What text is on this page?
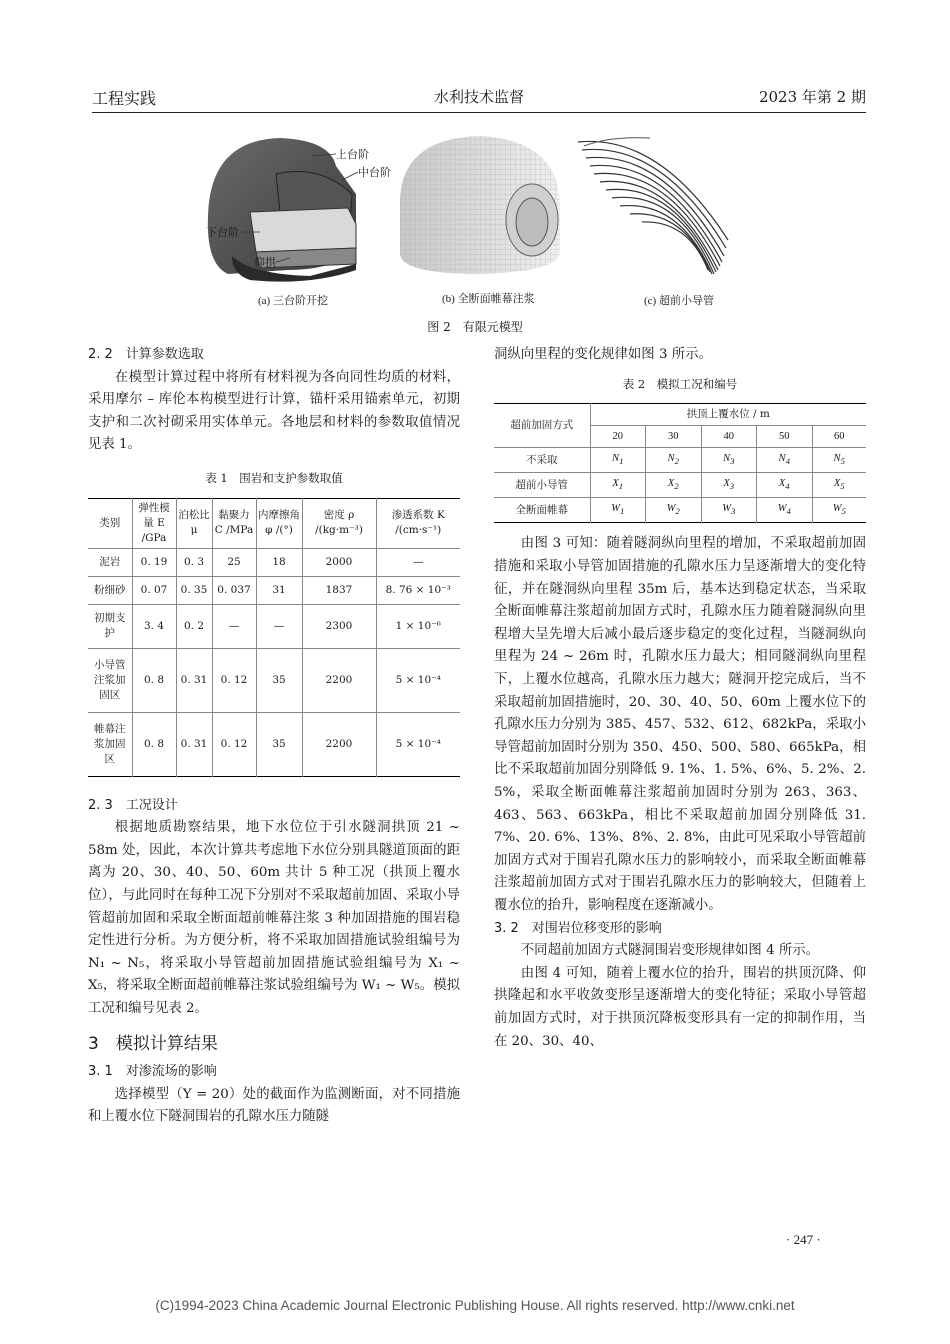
工程实践	水利技术监督	2023 年第 2 期
上台阶
中台阶
下台阶
仰拱
(a) 三台阶开挖	(b) 全断面帷幕注浆	(c) 超前小导管
图 2　有限元模型
2. 2　计算参数选取
在模型计算过程中将所有材料视为各向同性均质的材料，采用摩尔 – 库伦本构模型进行计算，锚杆采用锚索单元，初期支护和二次衬砌采用实体单元。各地层和材料的参数取值情况见表 1。
表 1　围岩和支护参数取值
类别	弹性模量 E /GPa	泊松比 μ	黏聚力 C /MPa	内摩擦角 φ /(°)	密度 ρ /(kg·m⁻³)	渗透系数 K /(cm·s⁻¹)
泥岩	0. 19	0. 3	25	18	2000	—
粉细砂	0. 07	0. 35	0. 037	31	1837	8. 76 × 10⁻³
初期支护	3. 4	0. 2	—	—	2300	1 × 10⁻⁶
小导管注浆加固区	0. 8	0. 31	0. 12	35	2200	5 × 10⁻⁴
帷幕注浆加固区	0. 8	0. 31	0. 12	35	2200	5 × 10⁻⁴
2. 3　工况设计
根据地质勘察结果，地下水位位于引水隧洞拱顶 21 ~ 58m 处，因此，本次计算共考虑地下水位分别具隧道顶面的距离为 20、30、40、50、60m 共计 5 种工况（拱顶上覆水位），与此同时在每种工况下分别对不采取超前加固、采取小导管超前加固和采取全断面超前帷幕注浆 3 种加固措施的围岩稳定性进行分析。为方便分析，将不采取加固措施试验组编号为 N₁ ~ N₅，将采取小导管超前加固措施试验组编号为 X₁ ~ X₅，将采取全断面超前帷幕注浆试验组编号为 W₁ ~ W₅。模拟工况和编号见表 2。
3　模拟计算结果
3. 1　对渗流场的影响
选择模型（Y = 20）处的截面作为监测断面，对不同措施和上覆水位下隧洞围岩的孔隙水压力随隧
洞纵向里程的变化规律如图 3 所示。
表 2　模拟工况和编号
超前加固方式	拱顶上覆水位 / m				
	20	30	40	50	60
不采取	$N_1$	$N_2$	$N_3$	$N_4$	$N_5$
超前小导管	$X_1$	$X_2$	$X_3$	$X_4$	$X_5$
全断面帷幕	$W_1$	$W_2$	$W_3$	$W_4$	$W_5$
由图 3 可知：随着隧洞纵向里程的增加，不采取超前加固措施和采取小导管加固措施的孔隙水压力呈逐渐增大的变化特征，并在隧洞纵向里程 35m 后，基本达到稳定状态，当采取全断面帷幕注浆超前加固方式时，孔隙水压力随着隧洞纵向里程增大呈先增大后减小最后逐步稳定的变化过程，当隧洞纵向里程为 24 ~ 26m 时，孔隙水压力最大；相同隧洞纵向里程下，上覆水位越高，孔隙水压力越大；隧洞开挖完成后，当不采取超前加固措施时，20、30、40、50、60m 上覆水位下的孔隙水压力分别为 385、457、532、612、682kPa，采取小导管超前加固时分别为 350、450、500、580、665kPa，相比不采取超前加固分别降低 9. 1%、1. 5%、6%、5. 2%、2. 5%，采取全断面帷幕注浆超前加固时分别为 263、363、463、563、663kPa，相比不采取超前加固分别降低 31. 7%、20. 6%、13%、8%、2. 8%，由此可见采取小导管超前加固方式对于围岩孔隙水压力的影响较小，而采取全断面帷幕注浆超前加固方式对于围岩孔隙水压力的影响较大，但随着上覆水位的抬升，影响程度在逐渐减小。
3. 2　对围岩位移变形的影响
不同超前加固方式隧洞围岩变形规律如图 4 所示。
由图 4 可知，随着上覆水位的抬升，围岩的拱顶沉降、仰拱隆起和水平收敛变形呈逐渐增大的变化特征；采取小导管超前加固方式时，对于拱顶沉降板变形具有一定的抑制作用，当在 20、30、40、
· 247 ·
(C)1994-2023 China Academic Journal Electronic Publishing House. All rights reserved. http://www.cnki.net
